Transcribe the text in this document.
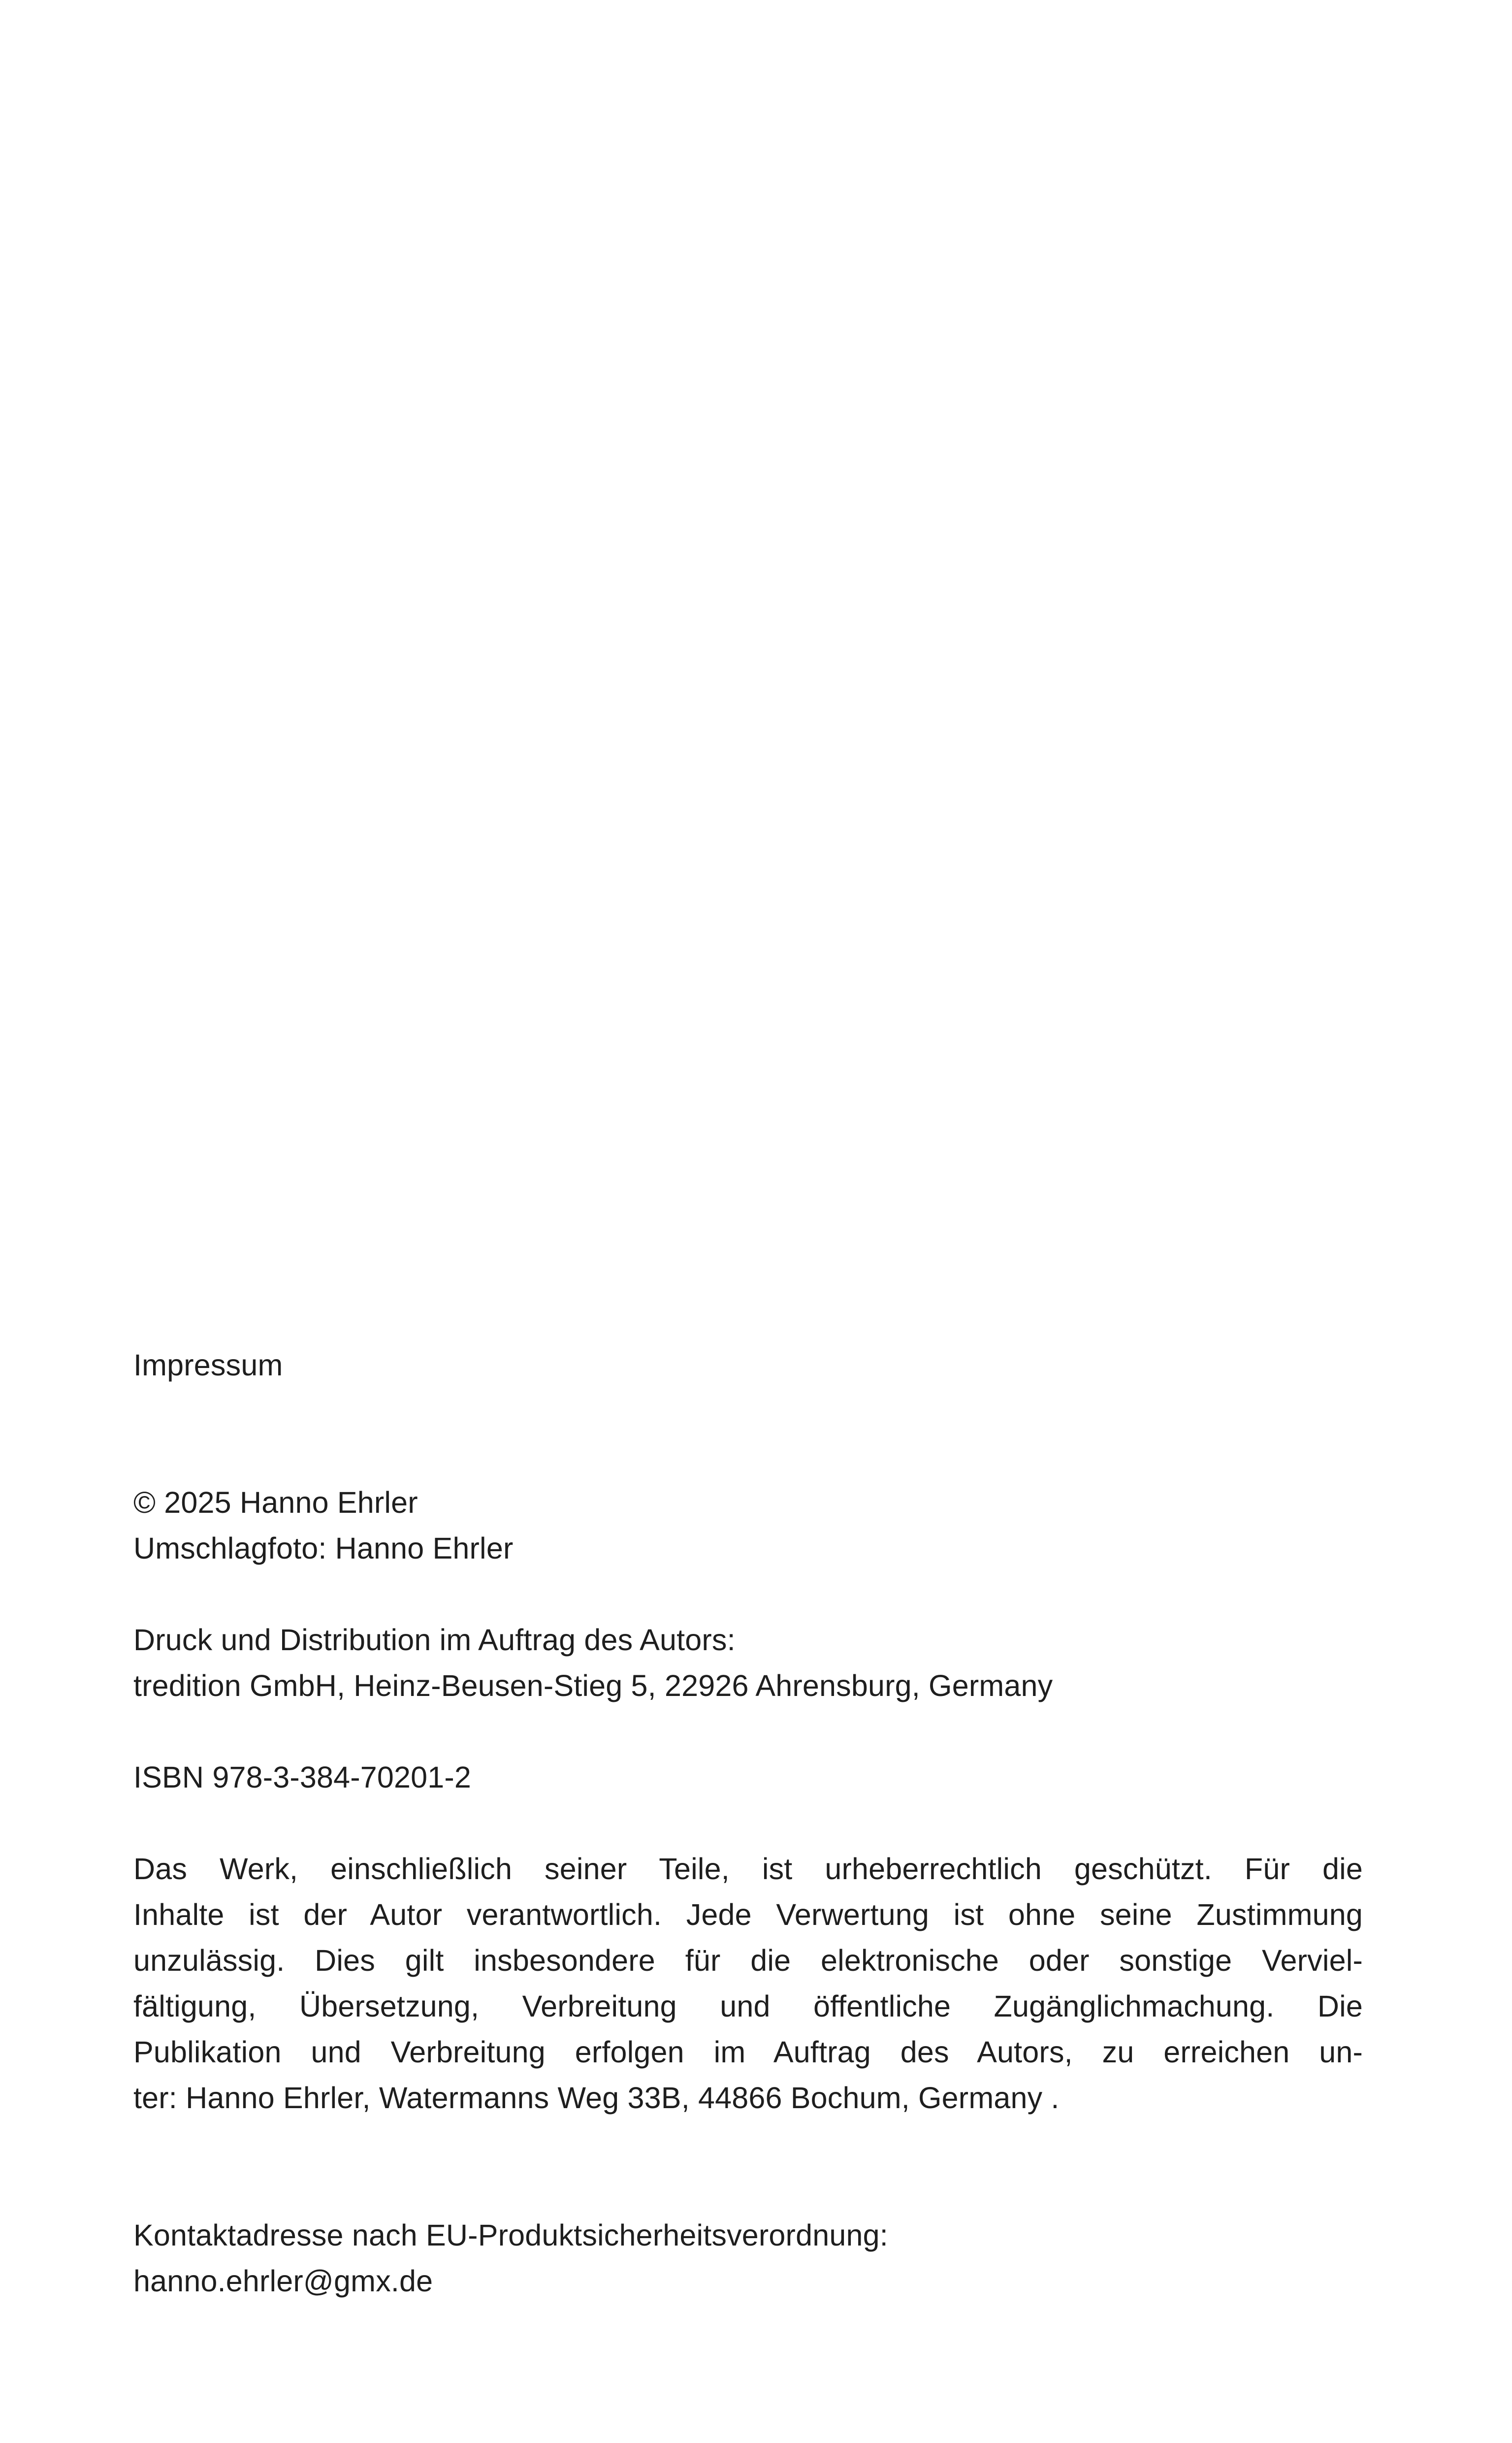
Impressum
© 2025 Hanno Ehrler
Umschlagfoto: Hanno Ehrler
Druck und Distribution im Auftrag des Autors:
tredition GmbH, Heinz-Beusen-Stieg 5, 22926 Ahrensburg, Germany
ISBN 978-3-384-70201-2
Das Werk, einschließlich seiner Teile, ist urheberrechtlich geschützt. Für die
Inhalte ist der Autor verantwortlich. Jede Verwertung ist ohne seine Zustimmung
unzulässig. Dies gilt insbesondere für die elektronische oder sonstige Verviel-
fältigung, Übersetzung, Verbreitung und öffentliche Zugänglichmachung. Die
Publikation und Verbreitung erfolgen im Auftrag des Autors, zu erreichen un-
ter: Hanno Ehrler, Watermanns Weg 33B, 44866 Bochum, Germany .
Kontaktadresse nach EU-Produktsicherheitsverordnung:
hanno.ehrler@gmx.de
